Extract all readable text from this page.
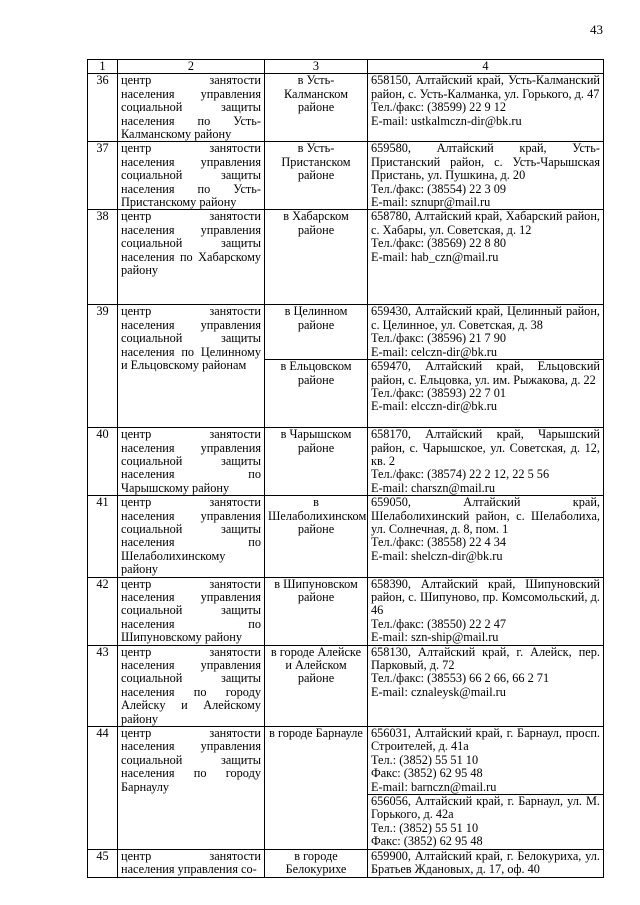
43
1	2	3	4
36	центр занятости населения управления социальной защиты населения по Усть-Калманскому району	в Усть-Калманском районе	658150, Алтайский край, Усть-Калманский район, с. Усть-Калманка, ул. Горького, д. 47
Тел./факс: (38599) 22 9 12
E-mail: ustkalmczn-dir@bk.ru

37	центр занятости населения управления социальной защиты населения по Усть-Пристанскому району	в Усть-Пристанском районе	659580, Алтайский край, Усть-Пристанский район, с. Усть-Чарышская Пристань, ул. Пушкина, д. 20
Тел./факс: (38554) 22 3 09
E-mail: sznupr@mail.ru

38	центр занятости населения управления социальной защиты населения по Хабарскому району	в Хабарском районе	658780, Алтайский край, Хабарский район, с. Хабары, ул. Советская, д. 12
Тел./факс: (38569) 22 8 80
E-mail: hab_czn@mail.ru

39	центр занятости населения управления социальной защиты населения по Целинному и Ельцовскому районам	в Целинном районе	659430, Алтайский край, Целинный район, с. Целинное, ул. Советская, д. 38
Тел./факс: (38596) 21 7 90
E-mail: celczn-dir@bk.ru

		в Ельцовском районе	659470, Алтайский край, Ельцовский район, с. Ельцовка, ул. им. Рыжакова, д. 22
Тел./факс: (38593) 22 7 01
E-mail: elcczn-dir@bk.ru

40	центр занятости населения управления социальной защиты населения по Чарышскому району	в Чарышском районе	658170, Алтайский край, Чарышский район, с. Чарышское, ул. Советская, д. 12, кв. 2
Тел./факс: (38574) 22 2 12, 22 5 56
E-mail: charszn@mail.ru

41	центр занятости населения управления социальной защиты населения по Шелаболихинскому району	в Шелаболихинском районе	659050, Алтайский край, Шелаболихинский район, с. Шелаболиха, ул. Солнечная, д. 8, пом. 1
Тел./факс: (38558) 22 4 34
E-mail: shelczn-dir@bk.ru

42	центр занятости населения управления социальной защиты населения по Шипуновскому району	в Шипуновском районе	658390, Алтайский край, Шипуновский район, с. Шипуново, пр. Комсомольский, д. 46
Тел./факс: (38550) 22 2 47
E-mail: szn-ship@mail.ru

43	центр занятости населения управления социальной защиты населения по городу Алейску и Алейскому району	в городе Алейске и Алейском районе	658130, Алтайский край, г. Алейск, пер. Парковый, д. 72
Тел./факс: (38553) 66 2 66, 66 2 71
E-mail: cznaleysk@mail.ru

44	центр занятости населения управления социальной защиты населения по городу Барнаулу	в городе Барнауле	656031, Алтайский край, г. Барнаул, просп. Строителей, д. 41а
Тел.: (3852) 55 51 10
Факс: (3852) 62 95 48
E-mail: barnczn@mail.ru

			656056, Алтайский край, г. Барнаул, ул. М. Горького, д. 42а
Тел.: (3852) 55 51 10
Факс: (3852) 62 95 48

45	центр занятости населения управления со-	в городе Белокурихе	659900, Алтайский край, г. Белокуриха, ул. Братьев Ждановых, д. 17, оф. 40
